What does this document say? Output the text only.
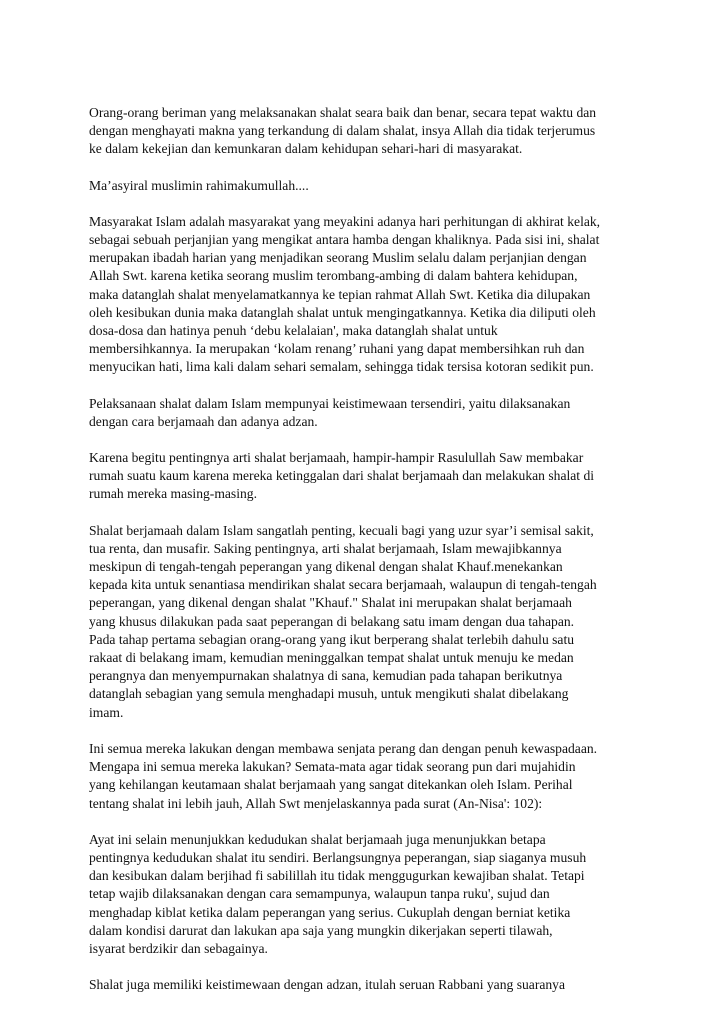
Orang-orang beriman yang melaksanakan shalat seara baik dan benar, secara tepat waktu dan
dengan menghayati makna yang terkandung di dalam shalat, insya Allah dia tidak terjerumus
ke dalam kekejian dan kemunkaran dalam kehidupan sehari-hari di masyarakat.

Ma’asyiral muslimin rahimakumullah....

Masyarakat Islam adalah masyarakat yang meyakini adanya hari perhitungan di akhirat kelak,
sebagai sebuah perjanjian yang mengikat antara hamba dengan khaliknya. Pada sisi ini, shalat
merupakan ibadah harian yang menjadikan seorang Muslim selalu dalam perjanjian dengan
Allah Swt. karena ketika seorang muslim terombang-ambing di dalam bahtera kehidupan,
maka datanglah shalat menyelamatkannya ke tepian rahmat Allah Swt. Ketika dia dilupakan
oleh kesibukan dunia maka datanglah shalat untuk mengingatkannya. Ketika dia diliputi oleh
dosa-dosa dan hatinya penuh ‘debu kelalaian', maka datanglah shalat untuk
membersihkannya. Ia merupakan ‘kolam renang’ ruhani yang dapat membersihkan ruh dan
menyucikan hati, lima kali dalam sehari semalam, sehingga tidak tersisa kotoran sedikit pun.

Pelaksanaan shalat dalam Islam mempunyai keistimewaan tersendiri, yaitu dilaksanakan
dengan cara berjamaah dan adanya adzan.

Karena begitu pentingnya arti shalat berjamaah, hampir-hampir Rasulullah Saw membakar
rumah suatu kaum karena mereka ketinggalan dari shalat berjamaah dan melakukan shalat di
rumah mereka masing-masing.

Shalat berjamaah dalam Islam sangatlah penting, kecuali bagi yang uzur syar’i semisal sakit,
tua renta, dan musafir. Saking pentingnya, arti shalat berjamaah, Islam mewajibkannya
meskipun di tengah-tengah peperangan yang dikenal dengan shalat Khauf.menekankan
kepada kita untuk senantiasa mendirikan shalat secara berjamaah, walaupun di tengah-tengah
peperangan, yang dikenal dengan shalat "Khauf." Shalat ini merupakan shalat berjamaah
yang khusus dilakukan pada saat peperangan di belakang satu imam dengan dua tahapan.
Pada tahap pertama sebagian orang-orang yang ikut berperang shalat terlebih dahulu satu
rakaat di belakang imam, kemudian meninggalkan tempat shalat untuk menuju ke medan
perangnya dan menyempurnakan shalatnya di sana, kemudian pada tahapan berikutnya
datanglah sebagian yang semula menghadapi musuh, untuk mengikuti shalat dibelakang
imam.

Ini semua mereka lakukan dengan membawa senjata perang dan dengan penuh kewaspadaan.
Mengapa ini semua mereka lakukan? Semata-mata agar tidak seorang pun dari mujahidin
yang kehilangan keutamaan shalat berjamaah yang sangat ditekankan oleh Islam. Perihal
tentang shalat ini lebih jauh, Allah Swt menjelaskannya pada surat (An-Nisa': 102):

Ayat ini selain menunjukkan kedudukan shalat berjamaah juga menunjukkan betapa
pentingnya kedudukan shalat itu sendiri. Berlangsungnya peperangan, siap siaganya musuh
dan kesibukan dalam berjihad fi sabilillah itu tidak menggugurkan kewajiban shalat. Tetapi
tetap wajib dilaksanakan dengan cara semampunya, walaupun tanpa ruku', sujud dan
menghadap kiblat ketika dalam peperangan yang serius. Cukuplah dengan berniat ketika
dalam kondisi darurat dan lakukan apa saja yang mungkin dikerjakan seperti tilawah,
isyarat berdzikir dan sebagainya.

Shalat juga memiliki keistimewaan dengan adzan, itulah seruan Rabbani yang suaranya
